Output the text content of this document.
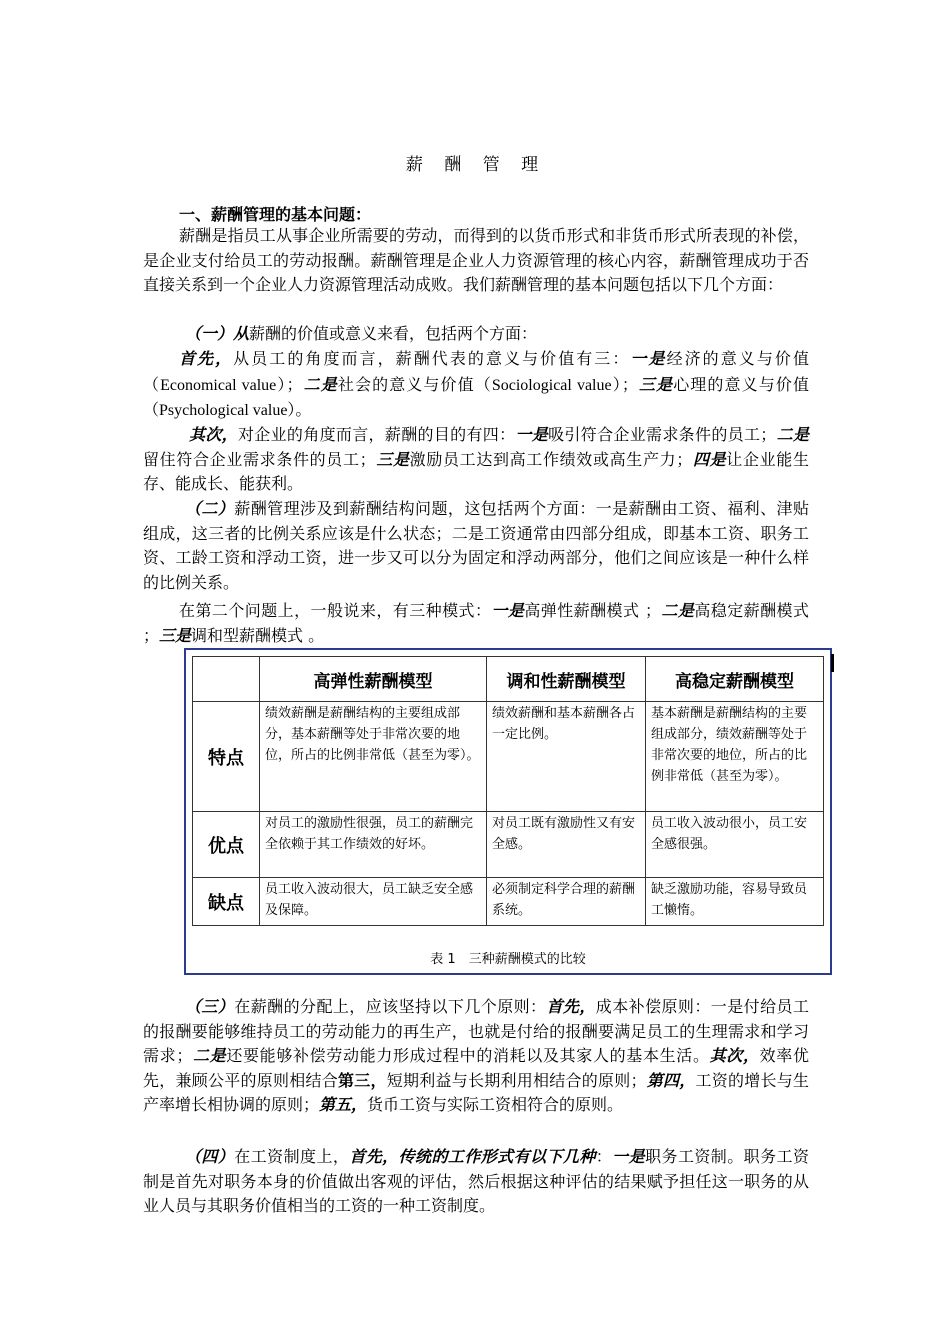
薪 酬 管 理
一、薪酬管理的基本问题：
薪酬是指员工从事企业所需要的劳动，而得到的以货币形式和非货币形式所表现的补偿，是企业支付给员工的劳动报酬。薪酬管理是企业人力资源管理的核心内容，薪酬管理成功于否直接关系到一个企业人力资源管理活动成败。我们薪酬管理的基本问题包括以下几个方面：
（一）从薪酬的价值或意义来看，包括两个方面：
首先，从员工的角度而言，薪酬代表的意义与价值有三：一是经济的意义与价值（Economical value）；二是社会的意义与价值（Sociological value）；三是心理的意义与价值（Psychological value）。
其次，对企业的角度而言，薪酬的目的有四：一是吸引符合企业需求条件的员工；二是留住符合企业需求条件的员工；三是激励员工达到高工作绩效或高生产力；四是让企业能生存、能成长、能获利。
（二）薪酬管理涉及到薪酬结构问题，这包括两个方面：一是薪酬由工资、福利、津贴组成，这三者的比例关系应该是什么状态；二是工资通常由四部分组成，即基本工资、职务工资、工龄工资和浮动工资，进一步又可以分为固定和浮动两部分，他们之间应该是一种什么样的比例关系。
在第二个问题上，一般说来，有三种模式：一是高弹性薪酬模式 ；二是高稳定薪酬模式 ；三是调和型薪酬模式 。
	高弹性薪酬模型	调和性薪酬模型	高稳定薪酬模型
特点	绩效薪酬是薪酬结构的主要组成部分，基本薪酬等处于非常次要的地位，所占的比例非常低（甚至为零）。	绩效薪酬和基本薪酬各占一定比例。	基本薪酬是薪酬结构的主要组成部分，绩效薪酬等处于非常次要的地位，所占的比例非常低（甚至为零）。
优点	对员工的激励性很强，员工的薪酬完全依赖于其工作绩效的好坏。	对员工既有激励性又有安全感。	员工收入波动很小，员工安全感很强。
缺点	员工收入波动很大，员工缺乏安全感及保障。	必须制定科学合理的薪酬系统。	缺乏激励功能，容易导致员工懒惰。
表 1　三种薪酬模式的比较
（三）在薪酬的分配上，应该坚持以下几个原则：首先，成本补偿原则：一是付给员工的报酬要能够维持员工的劳动能力的再生产，也就是付给的报酬要满足员工的生理需求和学习需求；二是还要能够补偿劳动能力形成过程中的消耗以及其家人的基本生活。其次，效率优先，兼顾公平的原则相结合第三，短期利益与长期利用相结合的原则；第四，工资的增长与生产率增长相协调的原则；第五，货币工资与实际工资相符合的原则。
（四）在工资制度上，首先，传统的工作形式有以下几种：一是职务工资制。职务工资制是首先对职务本身的价值做出客观的评估，然后根据这种评估的结果赋予担任这一职务的从业人员与其职务价值相当的工资的一种工资制度。
